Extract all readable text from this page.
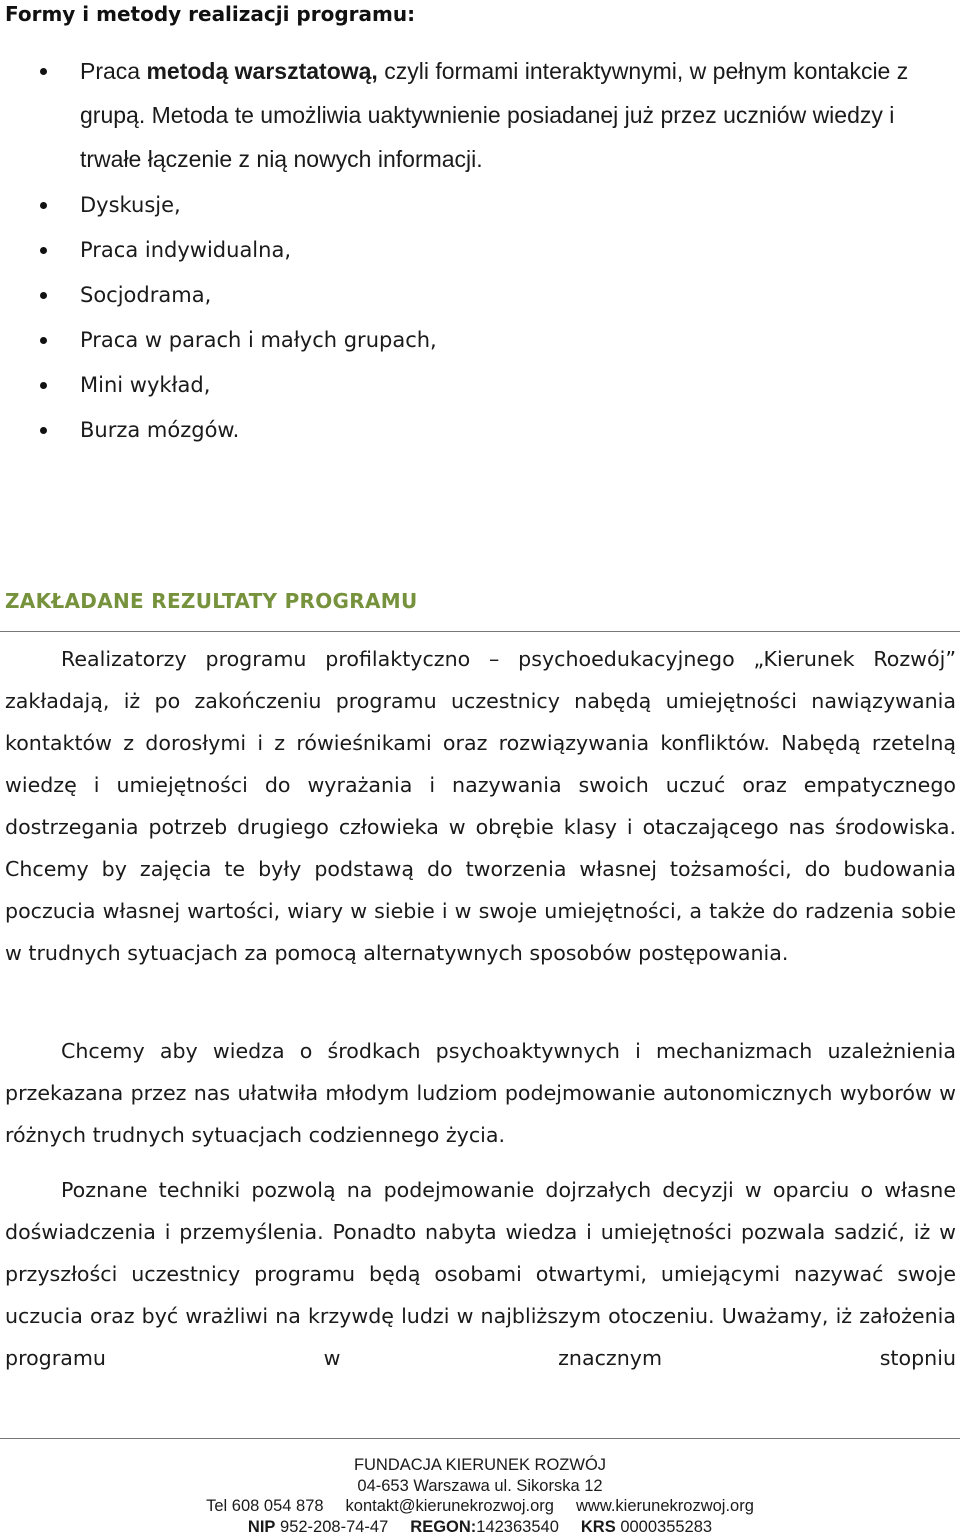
Formy i metody realizacji programu:
Praca metodą warsztatową, czyli formami interaktywnymi, w pełnym kontakcie z grupą. Metoda te umożliwia uaktywnienie posiadanej już przez uczniów wiedzy i trwałe łączenie z nią nowych informacji.
Dyskusje,
Praca indywidualna,
Socjodrama,
Praca w parach i małych grupach,
Mini wykład,
Burza mózgów.
ZAKŁADANE REZULTATY PROGRAMU

Realizatorzy programu profilaktyczno – psychoedukacyjnego „Kierunek Rozwój” zakładają, iż po zakończeniu programu uczestnicy nabędą umiejętności nawiązywania kontaktów z dorosłymi i z rówieśnikami oraz rozwiązywania konfliktów. Nabędą rzetelną wiedzę i umiejętności do wyrażania i nazywania swoich uczuć oraz empatycznego dostrzegania potrzeb drugiego człowieka w obrębie klasy i otaczającego nas środowiska. Chcemy by zajęcia te były podstawą do tworzenia własnej tożsamości, do budowania poczucia własnej wartości, wiary w siebie i w swoje umiejętności, a także do radzenia sobie w trudnych sytuacjach za pomocą alternatywnych sposobów postępowania.

Chcemy aby wiedza o środkach psychoaktywnych i mechanizmach uzależnienia przekazana przez nas ułatwiła młodym ludziom podejmowanie autonomicznych wyborów w różnych trudnych sytuacjach codziennego życia.

Poznane techniki pozwolą na podejmowanie dojrzałych decyzji w oparciu o własne doświadczenia i przemyślenia. Ponadto nabyta wiedza i umiejętności pozwala sadzić, iż w przyszłości uczestnicy programu będą osobami otwartymi, umiejącymi nazywać swoje uczucia oraz być wrażliwi na krzywdę ludzi w najbliższym otoczeniu. Uważamy, iż założenia programu w znacznym stopniu

FUNDACJA KIERUNEK ROZWÓJ
04-653 Warszawa ul. Sikorska 12
Tel 608 054 878 kontakt@kierunekrozwoj.org www.kierunekrozwoj.org
NIP 952-208-74-47 REGON:142363540 KRS 0000355283
